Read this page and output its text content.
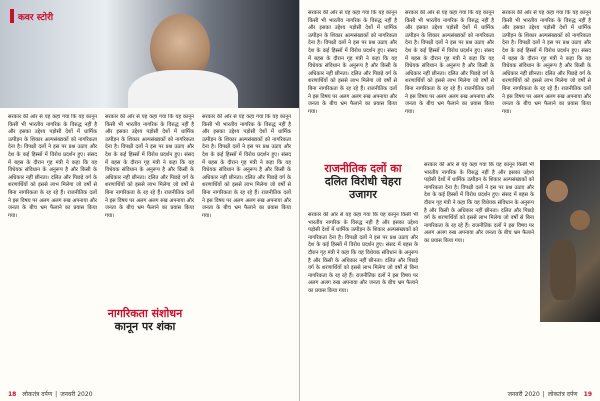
कवर स्टोरी
सरकार की ओर से यह कहा गया कि यह कानून किसी भी भारतीय नागरिक के विरुद्ध नहीं है और इसका उद्देश्य पड़ोसी देशों में धार्मिक उत्पीड़न के शिकार अल्पसंख्यकों को नागरिकता देना है। विपक्षी दलों ने इस पर प्रश्न उठाए और देश के कई हिस्सों में विरोध प्रदर्शन हुए। संसद में बहस के दौरान गृह मंत्री ने कहा कि यह विधेयक संविधान के अनुरूप है और किसी के अधिकार नहीं छीनता। दलित और पिछड़े वर्ग के शरणार्थियों को इससे लाभ मिलेगा जो वर्षों से बिना नागरिकता के रह रहे हैं। राजनीतिक दलों ने इस विषय पर अलग अलग रुख अपनाया और जनता के बीच भ्रम फैलाने का प्रयास किया गया।
सरकार की ओर से यह कहा गया कि यह कानून किसी भी भारतीय नागरिक के विरुद्ध नहीं है और इसका उद्देश्य पड़ोसी देशों में धार्मिक उत्पीड़न के शिकार अल्पसंख्यकों को नागरिकता देना है। विपक्षी दलों ने इस पर प्रश्न उठाए और देश के कई हिस्सों में विरोध प्रदर्शन हुए। संसद में बहस के दौरान गृह मंत्री ने कहा कि यह विधेयक संविधान के अनुरूप है और किसी के अधिकार नहीं छीनता। दलित और पिछड़े वर्ग के शरणार्थियों को इससे लाभ मिलेगा जो वर्षों से बिना नागरिकता के रह रहे हैं। राजनीतिक दलों ने इस विषय पर अलग अलग रुख अपनाया और जनता के बीच भ्रम फैलाने का प्रयास किया गया।
सरकार की ओर से यह कहा गया कि यह कानून किसी भी भारतीय नागरिक के विरुद्ध नहीं है और इसका उद्देश्य पड़ोसी देशों में धार्मिक उत्पीड़न के शिकार अल्पसंख्यकों को नागरिकता देना है। विपक्षी दलों ने इस पर प्रश्न उठाए और देश के कई हिस्सों में विरोध प्रदर्शन हुए। संसद में बहस के दौरान गृह मंत्री ने कहा कि यह विधेयक संविधान के अनुरूप है और किसी के अधिकार नहीं छीनता। दलित और पिछड़े वर्ग के शरणार्थियों को इससे लाभ मिलेगा जो वर्षों से बिना नागरिकता के रह रहे हैं। राजनीतिक दलों ने इस विषय पर अलग अलग रुख अपनाया और जनता के बीच भ्रम फैलाने का प्रयास किया गया।
नागरिकता संशोधन
कानून पर शंका
18 लोकतंत्र दर्पण | जनवरी 2020
सरकार की ओर से यह कहा गया कि यह कानून किसी भी भारतीय नागरिक के विरुद्ध नहीं है और इसका उद्देश्य पड़ोसी देशों में धार्मिक उत्पीड़न के शिकार अल्पसंख्यकों को नागरिकता देना है। विपक्षी दलों ने इस पर प्रश्न उठाए और देश के कई हिस्सों में विरोध प्रदर्शन हुए। संसद में बहस के दौरान गृह मंत्री ने कहा कि यह विधेयक संविधान के अनुरूप है और किसी के अधिकार नहीं छीनता। दलित और पिछड़े वर्ग के शरणार्थियों को इससे लाभ मिलेगा जो वर्षों से बिना नागरिकता के रह रहे हैं। राजनीतिक दलों ने इस विषय पर अलग अलग रुख अपनाया और जनता के बीच भ्रम फैलाने का प्रयास किया गया।
सरकार की ओर से यह कहा गया कि यह कानून किसी भी भारतीय नागरिक के विरुद्ध नहीं है और इसका उद्देश्य पड़ोसी देशों में धार्मिक उत्पीड़न के शिकार अल्पसंख्यकों को नागरिकता देना है। विपक्षी दलों ने इस पर प्रश्न उठाए और देश के कई हिस्सों में विरोध प्रदर्शन हुए। संसद में बहस के दौरान गृह मंत्री ने कहा कि यह विधेयक संविधान के अनुरूप है और किसी के अधिकार नहीं छीनता। दलित और पिछड़े वर्ग के शरणार्थियों को इससे लाभ मिलेगा जो वर्षों से बिना नागरिकता के रह रहे हैं। राजनीतिक दलों ने इस विषय पर अलग अलग रुख अपनाया और जनता के बीच भ्रम फैलाने का प्रयास किया गया।
सरकार की ओर से यह कहा गया कि यह कानून किसी भी भारतीय नागरिक के विरुद्ध नहीं है और इसका उद्देश्य पड़ोसी देशों में धार्मिक उत्पीड़न के शिकार अल्पसंख्यकों को नागरिकता देना है। विपक्षी दलों ने इस पर प्रश्न उठाए और देश के कई हिस्सों में विरोध प्रदर्शन हुए। संसद में बहस के दौरान गृह मंत्री ने कहा कि यह विधेयक संविधान के अनुरूप है और किसी के अधिकार नहीं छीनता। दलित और पिछड़े वर्ग के शरणार्थियों को इससे लाभ मिलेगा जो वर्षों से बिना नागरिकता के रह रहे हैं। राजनीतिक दलों ने इस विषय पर अलग अलग रुख अपनाया और जनता के बीच भ्रम फैलाने का प्रयास किया गया।
राजनीतिक दलों का
दलित विरोधी चेहरा
उजागर
सरकार की ओर से यह कहा गया कि यह कानून किसी भी भारतीय नागरिक के विरुद्ध नहीं है और इसका उद्देश्य पड़ोसी देशों में धार्मिक उत्पीड़न के शिकार अल्पसंख्यकों को नागरिकता देना है। विपक्षी दलों ने इस पर प्रश्न उठाए और देश के कई हिस्सों में विरोध प्रदर्शन हुए। संसद में बहस के दौरान गृह मंत्री ने कहा कि यह विधेयक संविधान के अनुरूप है और किसी के अधिकार नहीं छीनता। दलित और पिछड़े वर्ग के शरणार्थियों को इससे लाभ मिलेगा जो वर्षों से बिना नागरिकता के रह रहे हैं। राजनीतिक दलों ने इस विषय पर अलग अलग रुख अपनाया और जनता के बीच भ्रम फैलाने का प्रयास किया गया।
सरकार की ओर से यह कहा गया कि यह कानून किसी भी भारतीय नागरिक के विरुद्ध नहीं है और इसका उद्देश्य पड़ोसी देशों में धार्मिक उत्पीड़न के शिकार अल्पसंख्यकों को नागरिकता देना है। विपक्षी दलों ने इस पर प्रश्न उठाए और देश के कई हिस्सों में विरोध प्रदर्शन हुए। संसद में बहस के दौरान गृह मंत्री ने कहा कि यह विधेयक संविधान के अनुरूप है और किसी के अधिकार नहीं छीनता। दलित और पिछड़े वर्ग के शरणार्थियों को इससे लाभ मिलेगा जो वर्षों से बिना नागरिकता के रह रहे हैं। राजनीतिक दलों ने इस विषय पर अलग अलग रुख अपनाया और जनता के बीच भ्रम फैलाने का प्रयास किया गया।
जनवरी 2020 | लोकतंत्र दर्पण 19
